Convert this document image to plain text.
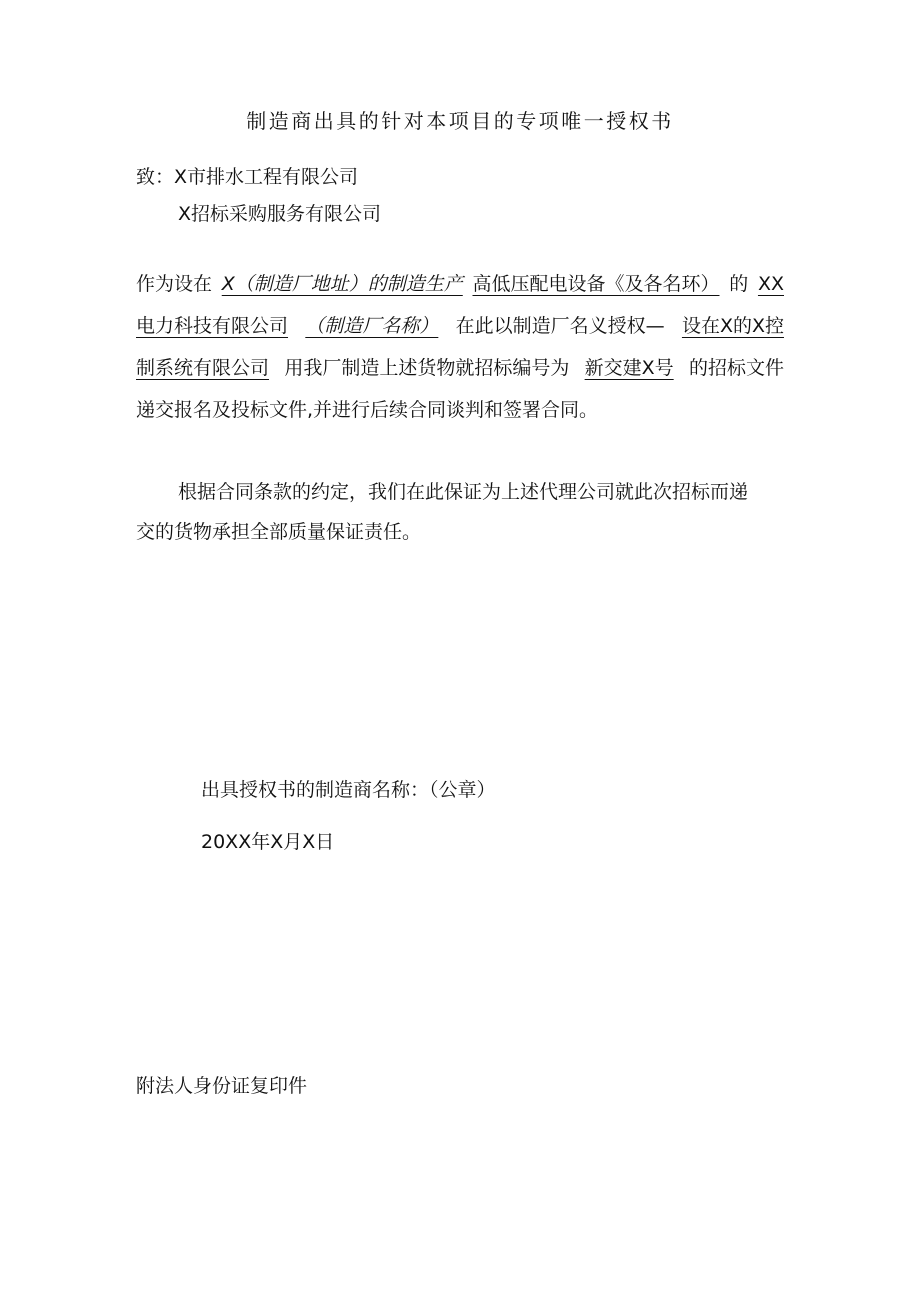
制造商出具的针对本项目的专项唯一授权书
致：X市排水工程有限公司
X招标采购服务有限公司
作为设在 X（制造厂地址）的制造生产 高低压配电设备《及各名环） 的 XX
电力科技有限公司 （制造厂名称） 在此以制造厂名义授权— 设在X的X控
制系统有限公司 用我厂制造上述货物就招标编号为 新交建X号 的招标文件
递交报名及投标文件,并进行后续合同谈判和签署合同。
根据合同条款的约定，我们在此保证为上述代理公司就此次招标而递
交的货物承担全部质量保证责任。
出具授权书的制造商名称：（公章）
20XX年X月X日
附法人身份证复印件
